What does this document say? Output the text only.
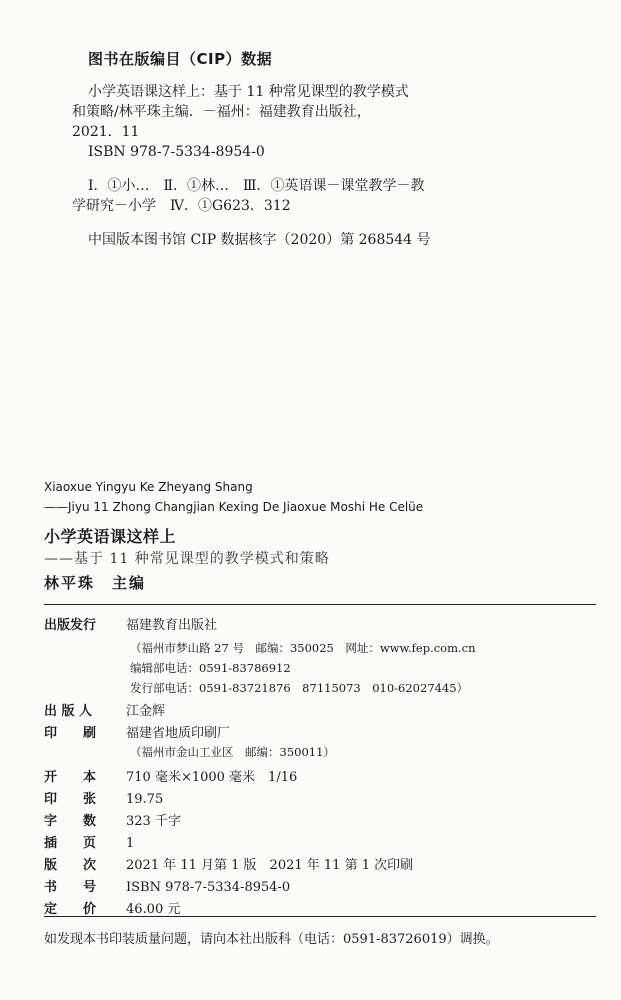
图书在版编目（CIP）数据

小学英语课这样上：基于 11 种常见课型的教学模式

和策略/林平珠主编．－福州：福建教育出版社，

2021．11

ISBN 978-7-5334-8954-0

Ⅰ．①小…　Ⅱ．①林…　Ⅲ．①英语课－课堂教学－教

学研究－小学　Ⅳ．①G623．312

中国版本图书馆 CIP 数据核字（2020）第 268544 号

Xiaoxue Yingyu Ke Zheyang Shang
——Jiyu 11 Zhong Changjian Kexing De Jiaoxue Moshi He Celüe
小学英语课这样上
——基于 11 种常见课型的教学模式和策略
林平珠　主编
出版发行	福建教育出版社
（福州市梦山路 27 号　邮编：350025　网址：www.fep.com.cn
编辑部电话：0591-83786912
发行部电话：0591-83721876　87115073　010-62027445）
出 版 人	江金辉
印　　刷	福建省地质印刷厂
（福州市金山工业区　邮编：350011）
开　　本	710 毫米×1000 毫米　1/16
印　　张	19.75
字　　数	323 千字
插　　页	1
版　　次	2021 年 11 月第 1 版　2021 年 11 第 1 次印刷
书　　号	ISBN 978-7-5334-8954-0
定　　价	46.00 元
如发现本书印装质量问题，请向本社出版科（电话：0591-83726019）调换。
